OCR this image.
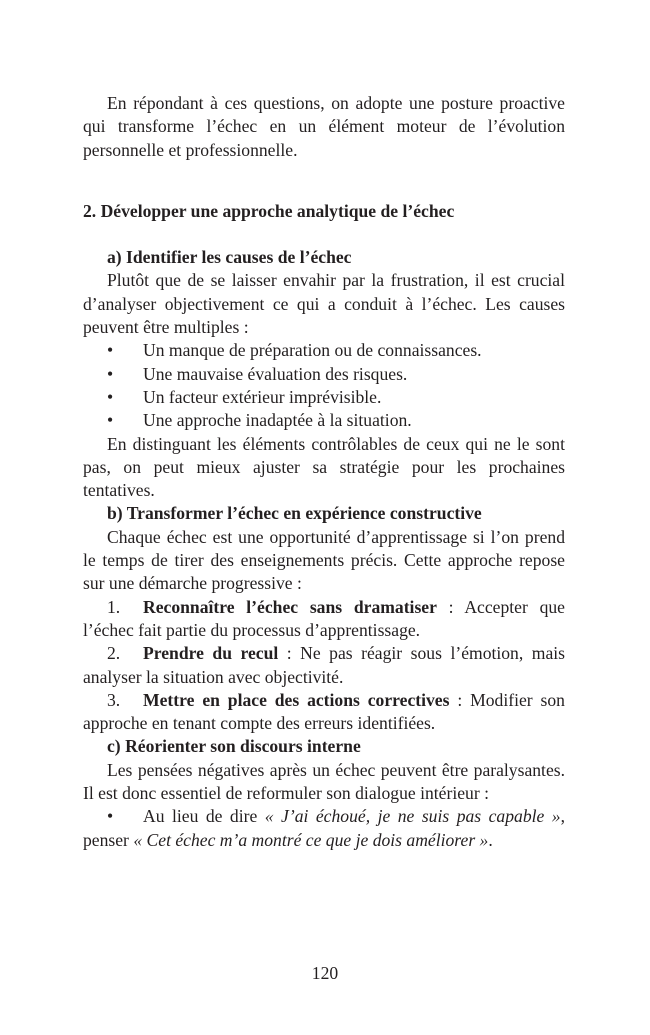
En répondant à ces questions, on adopte une posture proactive qui transforme l’échec en un élément moteur de l’évolution personnelle et professionnelle.

2. Développer une approche analytique de l’échec
a) Identifier les causes de l’échec

Plutôt que de se laisser envahir par la frustration, il est crucial d’analyser objectivement ce qui a conduit à l’échec. Les causes peuvent être multiples :

• Un manque de préparation ou de connaissances.
• Une mauvaise évaluation des risques.
• Un facteur extérieur imprévisible.
• Une approche inadaptée à la situation.

En distinguant les éléments contrôlables de ceux qui ne le sont pas, on peut mieux ajuster sa stratégie pour les prochaines tentatives.

b) Transformer l’échec en expérience constructive

Chaque échec est une opportunité d’apprentissage si l’on prend le temps de tirer des enseignements précis. Cette approche repose sur une démarche progressive :

1. Reconnaître l’échec sans dramatiser : Accepter que l’échec fait partie du processus d’apprentissage.

2. Prendre du recul : Ne pas réagir sous l’émotion, mais analyser la situation avec objectivité.

3. Mettre en place des actions correctives : Modifier son approche en tenant compte des erreurs identifiées.

c) Réorienter son discours interne

Les pensées négatives après un échec peuvent être paralysantes. Il est donc essentiel de reformuler son dialogue intérieur :

• Au lieu de dire « J’ai échoué, je ne suis pas capable », penser « Cet échec m’a montré ce que je dois améliorer ».

120
